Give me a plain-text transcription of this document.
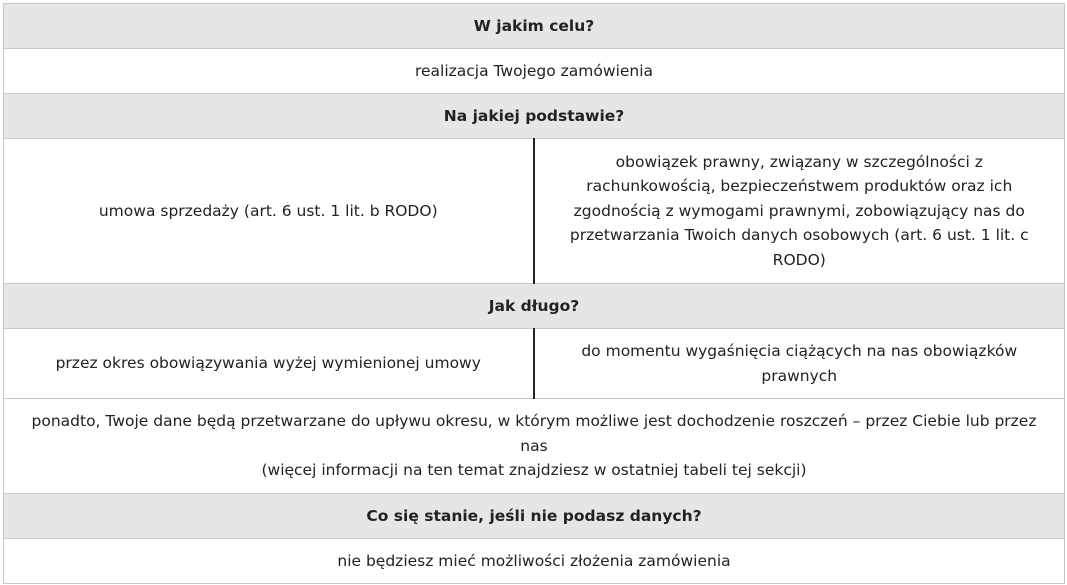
W jakim celu?	
realizacja Twojego zamówienia	
Na jakiej podstawie?	
umowa sprzedaży (art. 6 ust. 1 lit. b RODO)	obowiązek prawny, związany w szczególności z rachunkowością, bezpieczeństwem produktów oraz ich zgodnością z wymogami prawnymi, zobowiązujący nas do przetwarzania Twoich danych osobowych (art. 6 ust. 1 lit. c RODO)
Jak długo?	
przez okres obowiązywania wyżej wymienionej umowy	do momentu wygaśnięcia ciążących na nas obowiązków prawnych

ponadto, Twoje dane będą przetwarzane do upływu okresu, w którym możliwe jest dochodzenie roszczeń – przez Ciebie lub przez nas
(więcej informacji na ten temat znajdziesz w ostatniej tabeli tej sekcji)	

Co się stanie, jeśli nie podasz danych?	
nie będziesz mieć możliwości złożenia zamówienia	
